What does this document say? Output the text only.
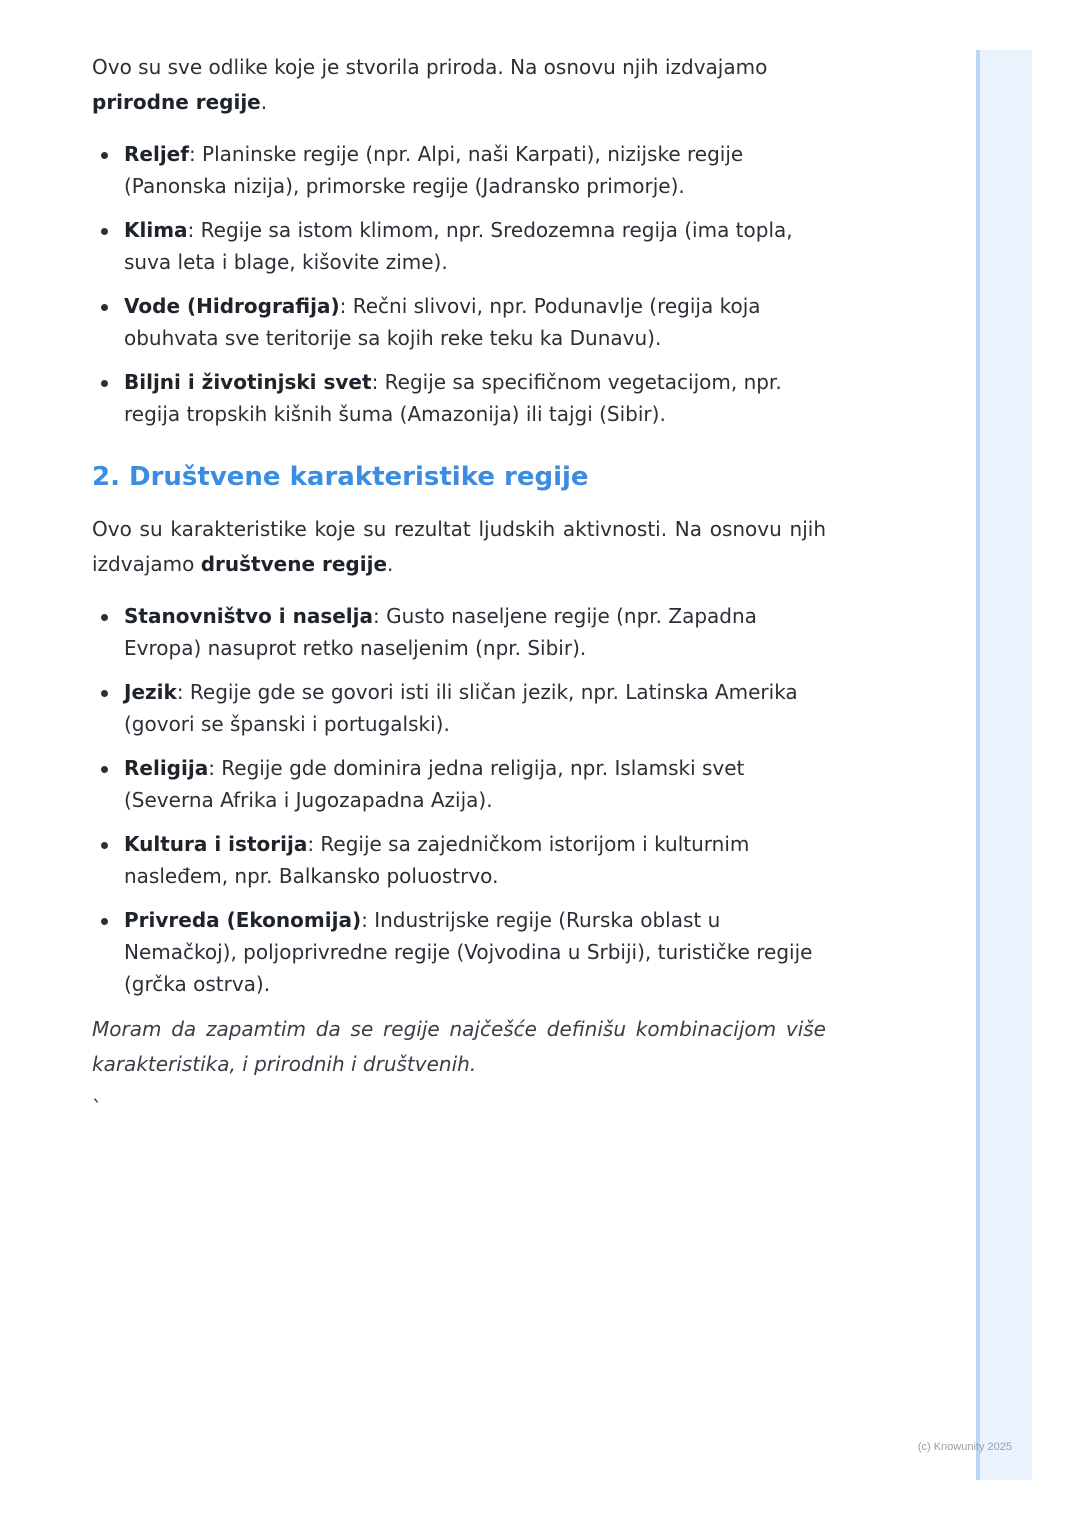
Ovo su sve odlike koje je stvorila priroda. Na osnovu njih izdvajamo prirodne regije.

Reljef: Planinske regije (npr. Alpi, naši Karpati), nizijske regije (Panonska nizija), primorske regije (Jadransko primorje).
Klima: Regije sa istom klimom, npr. Sredozemna regija (ima topla, suva leta i blage, kišovite zime).
Vode (Hidrografija): Rečni slivovi, npr. Podunavlje (regija koja obuhvata sve teritorije sa kojih reke teku ka Dunavu).
Biljni i životinjski svet: Regije sa specifičnom vegetacijom, npr. regija tropskih kišnih šuma (Amazonija) ili tajgi (Sibir).
2. Društvene karakteristike regije

Ovo su karakteristike koje su rezultat ljudskih aktivnosti. Na osnovu njih izdvajamo društvene regije.

Stanovništvo i naselja: Gusto naseljene regije (npr. Zapadna Evropa) nasuprot retko naseljenim (npr. Sibir).
Jezik: Regije gde se govori isti ili sličan jezik, npr. Latinska Amerika (govori se španski i portugalski).
Religija: Regije gde dominira jedna religija, npr. Islamski svet (Severna Afrika i Jugozapadna Azija).
Kultura i istorija: Regije sa zajedničkom istorijom i kulturnim nasleđem, npr. Balkansko poluostrvo.
Privreda (Ekonomija): Industrijske regije (Rurska oblast u Nemačkoj), poljoprivredne regije (Vojvodina u Srbiji), turističke regije (grčka ostrva).

Moram da zapamtim da se regije najčešće definišu kombinacijom više karakteristika, i prirodnih i društvenih.

`
(c) Knowunity 2025
